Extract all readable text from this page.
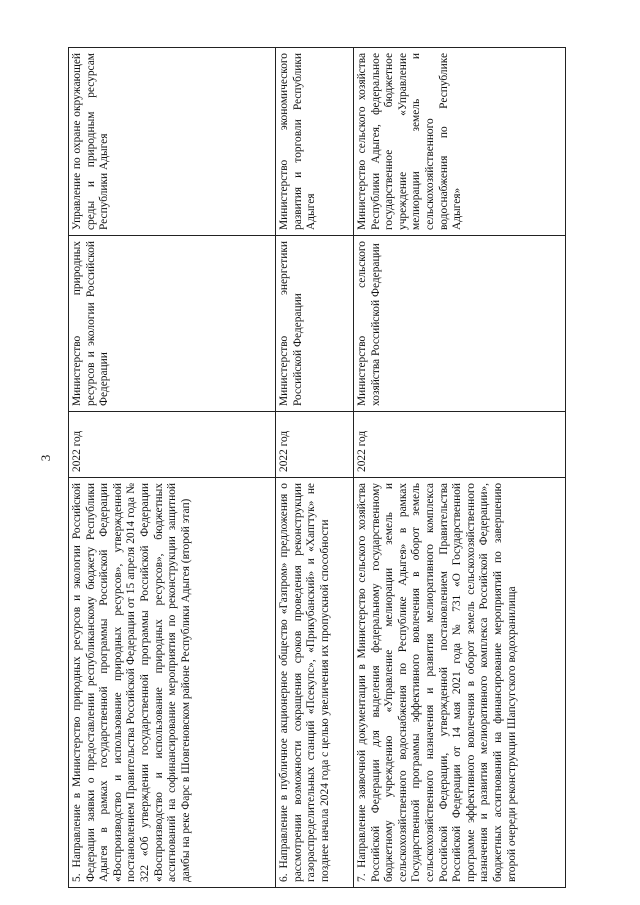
3
5. Направление в Министерство природных ресурсов и экологии Российской Федерации заявки о предоставлении республиканскому бюджету Республики Адыгея в рамках государственной программы Российской Федерации «Воспроизводство и использование природных ресурсов», утвержденной постановлением Правительства Российской Федерации от 15 апреля 2014 года № 322 «Об утверждении государственной программы Российской Федерации «Воспроизводство и использование природных ресурсов», бюджетных ассигнований на софинансирование мероприятия по реконструкции защитной дамбы на реке Фарс в Шовгеновском районе Республики Адыгея (второй этап)	2022 год	Министерство природных ресурсов и экологии Российской Федерации	Управление по охране окружающей среды и природным ресурсам Республики Адыгея
6. Направление в публичное акционерное общество «Газпром» предложения о рассмотрении возможности сокращения сроков проведения реконструкции газораспределительных станций «Псекупс», «Прикубанский» и «Хапгтук» не позднее начала 2024 года с целью увеличения их пропускной способности	2022 год	Министерство энергетики Российской Федерации	Министерство экономического развития и торговли Республики Адыгея
7. Направление заявочной документации в Министерство сельского хозяйства Российской Федерации для выделения федеральному государственному бюджетному учреждению «Управление мелиорации земель и сельскохозяйственного водоснабжения по Республике Адыгея» в рамках Государственной программы эффективного вовлечения в оборот земель сельскохозяйственного назначения и развития мелиоративного комплекса Российской Федерации, утвержденной постановлением Правительства Российской Федерации от 14 мая 2021 года № 731 «О Государственной программе эффективного вовлечения в оборот земель сельскохозяйственного назначения и развития мелиоративного комплекса Российской Федерации», бюджетных ассигнований на финансирование мероприятий по завершению второй очереди реконструкции Шапсугского водохранилища	2022 год	Министерство сельского хозяйства Российской Федерации	Министерство сельского хозяйства Республики Адыгея, федеральное государственное бюджетное учреждение «Управление мелиорации земель и сельскохозяйственного водоснабжения по Республике Адыгея»
